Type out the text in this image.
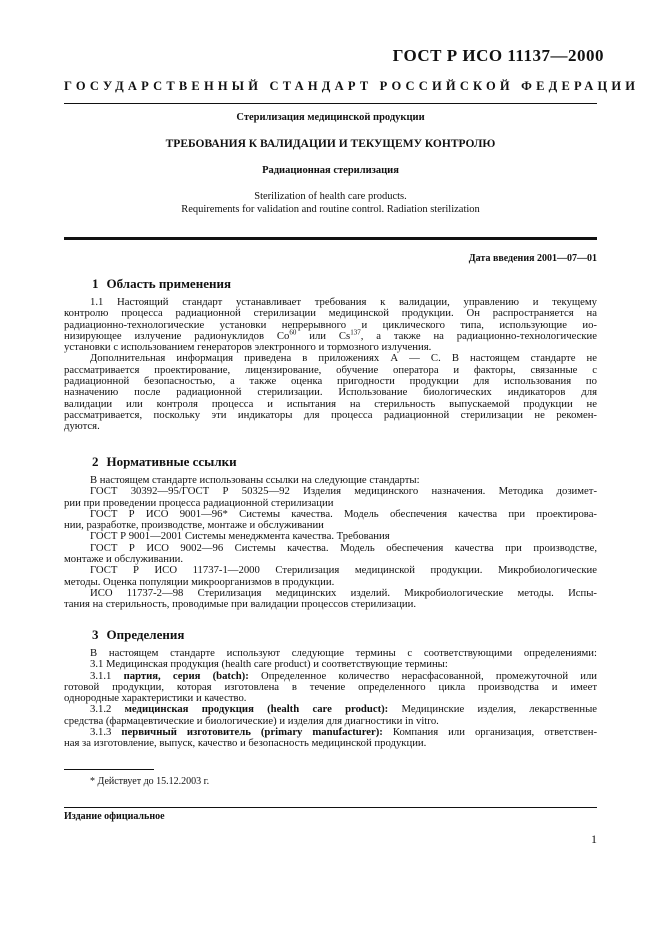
ГОСТ Р ИСО 11137—2000
ГОСУДАРСТВЕННЫЙ СТАНДАРТ РОССИЙСКОЙ ФЕДЕРАЦИИ
Стерилизация медицинской продукции
ТРЕБОВАНИЯ К ВАЛИДАЦИИ И ТЕКУЩЕМУ КОНТРОЛЮ
Радиационная стерилизация
Sterilization of health care products.
Requirements for validation and routine control. Radiation sterilization
Дата введения 2001—07—01
1 Область применения
1.1 Настоящий стандарт устанавливает требования к валидации, управлению и текущему
контролю процесса радиационной стерилизации медицинской продукции. Он распространяется на
радиационно-технологические установки непрерывного и циклического типа, использующие ио-
низирующее излучение радионуклидов Co$^{60}$ или Cs$^{137}$, а также на радиационно-технологические
установки с использованием генераторов электронного и тормозного излучения.
Дополнительная информация приведена в приложениях А — С. В настоящем стандарте не
рассматривается проектирование, лицензирование, обучение оператора и факторы, связанные с
радиационной безопасностью, а также оценка пригодности продукции для использования по
назначению после радиационной стерилизации. Использование биологических индикаторов для
валидации или контроля процесса и испытания на стерильность выпускаемой продукции не
рассматривается, поскольку эти индикаторы для процесса радиационной стерилизации не рекомен-
дуются.
2 Нормативные ссылки
В настоящем стандарте использованы ссылки на следующие стандарты:
ГОСТ 30392—95/ГОСТ Р 50325—92 Изделия медицинского назначения. Методика дозимет-
рии при проведении процесса радиационной стерилизации
ГОСТ Р ИСО 9001—96* Системы качества. Модель обеспечения качества при проектирова-
нии, разработке, производстве, монтаже и обслуживании
ГОСТ Р 9001—2001 Системы менеджмента качества. Требования
ГОСТ Р ИСО 9002—96 Системы качества. Модель обеспечения качества при производстве,
монтаже и обслуживании.
ГОСТ Р ИСО 11737-1—2000 Стерилизация медицинской продукции. Микробиологические
методы. Оценка популяции микроорганизмов в продукции.
ИСО 11737-2—98 Стерилизация медицинских изделий. Микробиологические методы. Испы-
тания на стерильность, проводимые при валидации процессов стерилизации.
3 Определения
В настоящем стандарте используют следующие термины с соответствующими определениями:
3.1 Медицинская продукция (health care product) и соответствующие термины:
3.1.1 партия, серия (batch): Определенное количество нерасфасованной, промежуточной или
готовой продукции, которая изготовлена в течение определенного цикла производства и имеет
однородные характеристики и качество.
3.1.2 медицинская продукция (health care product): Медицинские изделия, лекарственные
средства (фармацевтические и биологические) и изделия для диагностики in vitro.
3.1.3 первичный изготовитель (primary manufacturer): Компания или организация, ответствен-
ная за изготовление, выпуск, качество и безопасность медицинской продукции.
* Действует до 15.12.2003 г.
Издание официальное
1
